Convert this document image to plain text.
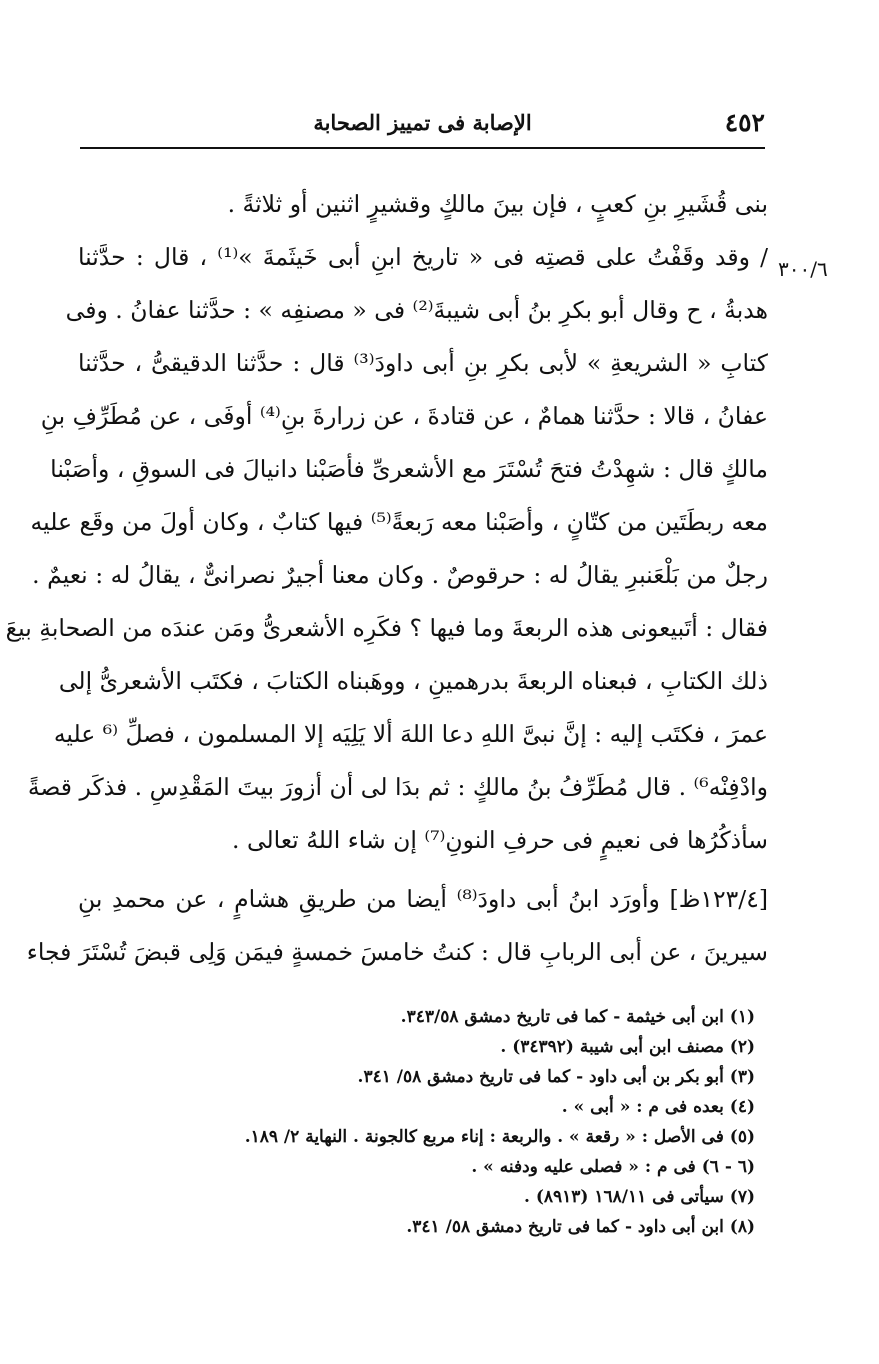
٤٥٢
الإصابة فى تمييز الصحابة
٣٠٠/٦
بنى قُشَيرِ بنِ كعبٍ ، فإن بينَ مالكٍ وقشيرٍ اثنين أو ثلاثةً .
/ وقد وقَفْتُ على قصتِه فى « تاريخ ابنِ أبى خَيثَمةَ »⁽¹⁾ ، قال : حدَّثنا
هدبةُ ، ح وقال أبو بكرِ بنُ أبى شيبةَ⁽²⁾ فى « مصنفِه » : حدَّثنا عفانُ . وفى
كتابِ « الشريعةِ » لأبى بكرِ بنِ أبى داودَ⁽³⁾ قال : حدَّثنا الدقيقىُّ ، حدَّثنا
عفانُ ، قالا : حدَّثنا همامٌ ، عن قتادةَ ، عن زرارةَ بنِ⁽⁴⁾ أوفَى ، عن مُطَرِّفِ بنِ
مالكٍ قال : شهِدْتُ فتحَ تُسْتَرَ مع الأشعرىِّ فأصَبْنا دانيالَ فى السوقِ ، وأصَبْنا
معه ربطَتَين من كتّانٍ ، وأصَبْنا معه رَبعةً⁽⁵⁾ فيها كتابٌ ، وكان أولَ من وقَع عليه
رجلٌ من بَلْعَنبرِ يقالُ له : حرقوصٌ . وكان معنا أجيرٌ نصرانىٌّ ، يقالُ له : نعيمٌ .
فقال : أتَبيعونى هذه الربعةَ وما فيها ؟ فكَرِه الأشعرىُّ ومَن عندَه من الصحابةِ بيعَ
ذلك الكتابِ ، فبعناه الربعةَ بدرهمينِ ، ووهَبناه الكتابَ ، فكتَب الأشعرىُّ إلى
عمرَ ، فكتَب إليه : إنَّ نبىَّ اللهِ دعا اللهَ ألا يَلِيَه إلا المسلمون ، فصلِّ ⁽⁶ عليه
وادْفِنْه⁶⁾ . قال مُطَرِّفُ بنُ مالكٍ : ثم بدَا لى أن أزورَ بيتَ المَقْدِسِ . فذكَر قصةً
سأذكُرُها فى نعيمٍ فى حرفِ النونِ⁽⁷⁾ إن شاء اللهُ تعالى .
[١٢٣/٤ظ] وأورَد ابنُ أبى داودَ⁽⁸⁾ أيضا من طريقِ هشامٍ ، عن محمدِ بنِ
سيرينَ ، عن أبى الربابِ قال : كنتُ خامسَ خمسةٍ فيمَن وَلِى قبضَ تُسْتَرَ فجاء
(١) ابن أبى خيثمة - كما فى تاريخ دمشق ٣٤٣/٥٨.
(٢) مصنف ابن أبى شيبة (٣٤٣٩٢) .
(٣) أبو بكر بن أبى داود - كما فى تاريخ دمشق ٥٨/ ٣٤١.
(٤) بعده فى م : « أبى » .
(٥) فى الأصل : « رقعة » . والربعة : إناء مربع كالجونة . النهاية ٢/ ١٨٩.
(٦ - ٦) فى م : « فصلى عليه ودفنه » .
(٧) سيأتى فى ١٦٨/١١ (٨٩١٣) .
(٨) ابن أبى داود - كما فى تاريخ دمشق ٥٨/ ٣٤١.
